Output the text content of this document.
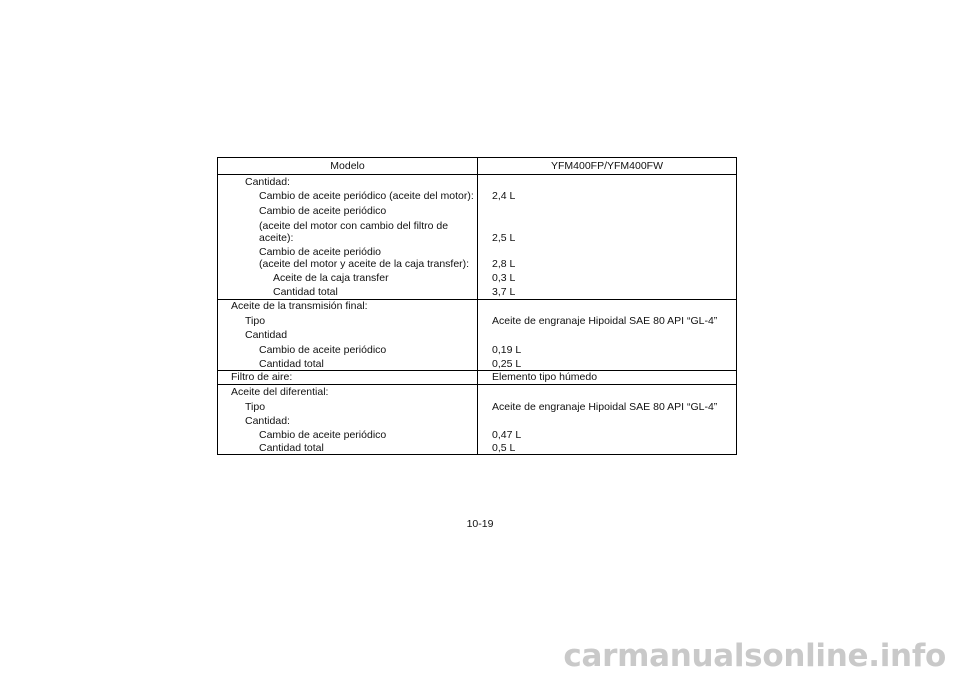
Modelo	YFM400FP/YFM400FW
Cantidad:
Cambio de aceite periódico (aceite del motor): 2,4 L
Cambio de aceite periódico
(aceite del motor con cambio del filtro de
aceite):	2,5 L
Cambio de aceite periódio
(aceite del motor y aceite de la caja transfer): 2,8 L
Aceite de la caja transfer	0,3 L
Cantidad total	3,7 L
Aceite de la transmisión final:
Tipo	Aceite de engranaje Hipoidal SAE 80 API “GL-4”
Cantidad
Cambio de aceite periódico	0,19 L
Cantidad total	0,25 L
Filtro de aire:	Elemento tipo húmedo
Aceite del diferential:
Tipo	Aceite de engranaje Hipoidal SAE 80 API “GL-4”
Cantidad:
Cambio de aceite periódico	0,47 L
Cantidad total	0,5 L
10-19
carmanualsonline.info
